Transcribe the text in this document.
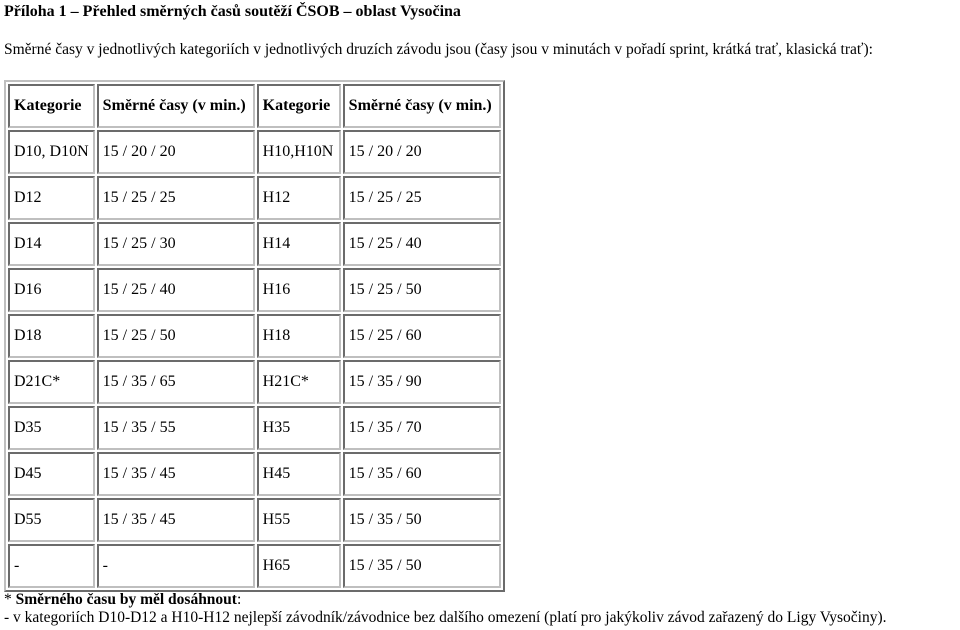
Příloha 1 – Přehled směrných časů soutěží ČSOB – oblast Vysočina
Směrné časy v jednotlivých kategoriích v jednotlivých druzích závodu jsou (časy jsou v minutách v pořadí sprint, krátká trať, klasická trať):
Kategorie	Směrné časy (v min.)	Kategorie	Směrné časy (v min.)
D10, D10N	15 / 20 / 20	H10,H10N	15 / 20 / 20
D12	15 / 25 / 25	H12	15 / 25 / 25
D14	15 / 25 / 30	H14	15 / 25 / 40
D16	15 / 25 / 40	H16	15 / 25 / 50
D18	15 / 25 / 50	H18	15 / 25 / 60
D21C*	15 / 35 / 65	H21C*	15 / 35 / 90
D35	15 / 35 / 55	H35	15 / 35 / 70
D45	15 / 35 / 45	H45	15 / 35 / 60
D55	15 / 35 / 45	H55	15 / 35 / 50
-	-	H65	15 / 35 / 50
* Směrného času by měl dosáhnout:
- v kategoriích D10-D12 a H10-H12 nejlepší závodník/závodnice bez dalšího omezení (platí pro jakýkoliv závod zařazený do Ligy Vysočiny).
